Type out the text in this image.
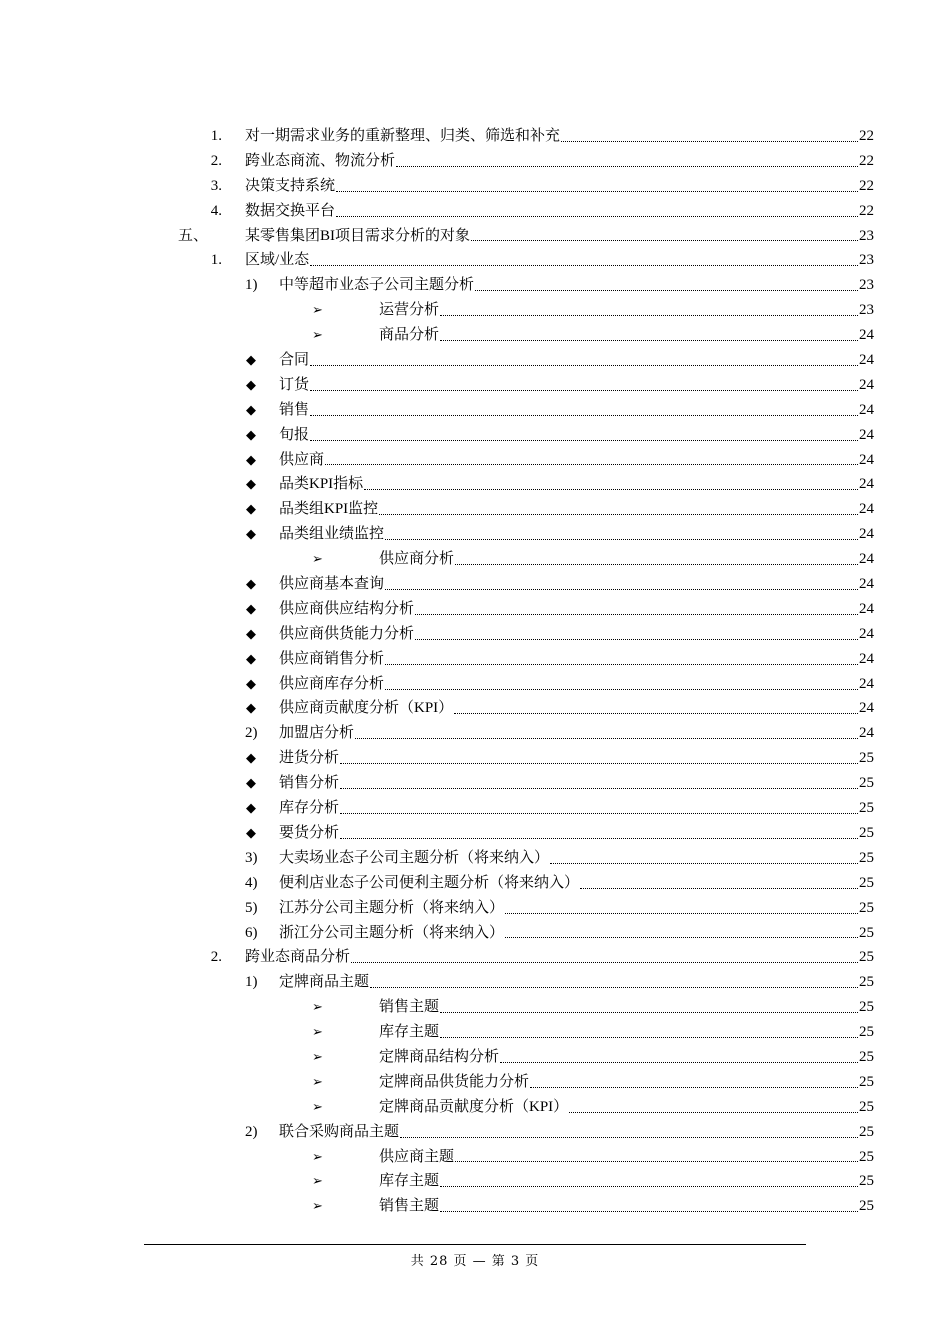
1. 对一期需求业务的重新整理、归类、筛选和补充	22
2. 跨业态商流、物流分析	22
3. 决策支持系统	22
4. 数据交换平台	22
五、 某零售集团BI项目需求分析的对象	23
1. 区域/业态	23
1) 中等超市业态子公司主题分析	23
➢	运营分析	23
➢	商品分析	24
◆ 合同	24
◆ 订货	24
◆ 销售	24
◆ 旬报	24
◆ 供应商	24
◆ 品类KPI指标	24
◆ 品类组KPI监控	24
◆ 品类组业绩监控	24
➢	供应商分析	24
◆ 供应商基本查询	24
◆ 供应商供应结构分析	24
◆ 供应商供货能力分析	24
◆ 供应商销售分析	24
◆ 供应商库存分析	24
◆ 供应商贡献度分析（KPI）	24
2) 加盟店分析	24
◆ 进货分析	25
◆ 销售分析	25
◆ 库存分析	25
◆ 要货分析	25
3) 大卖场业态子公司主题分析（将来纳入）	25
4) 便利店业态子公司便利主题分析（将来纳入）	25
5) 江苏分公司主题分析（将来纳入）	25
6) 浙江分公司主题分析（将来纳入）	25
2. 跨业态商品分析	25
1) 定牌商品主题	25
➢	销售主题	25
➢	库存主题	25
➢	定牌商品结构分析	25
➢	定牌商品供货能力分析	25
➢	定牌商品贡献度分析（KPI）	25
2) 联合采购商品主题	25
➢	供应商主题	25
➢	库存主题	25
➢	销售主题	25
共 28 页 — 第 3 页
